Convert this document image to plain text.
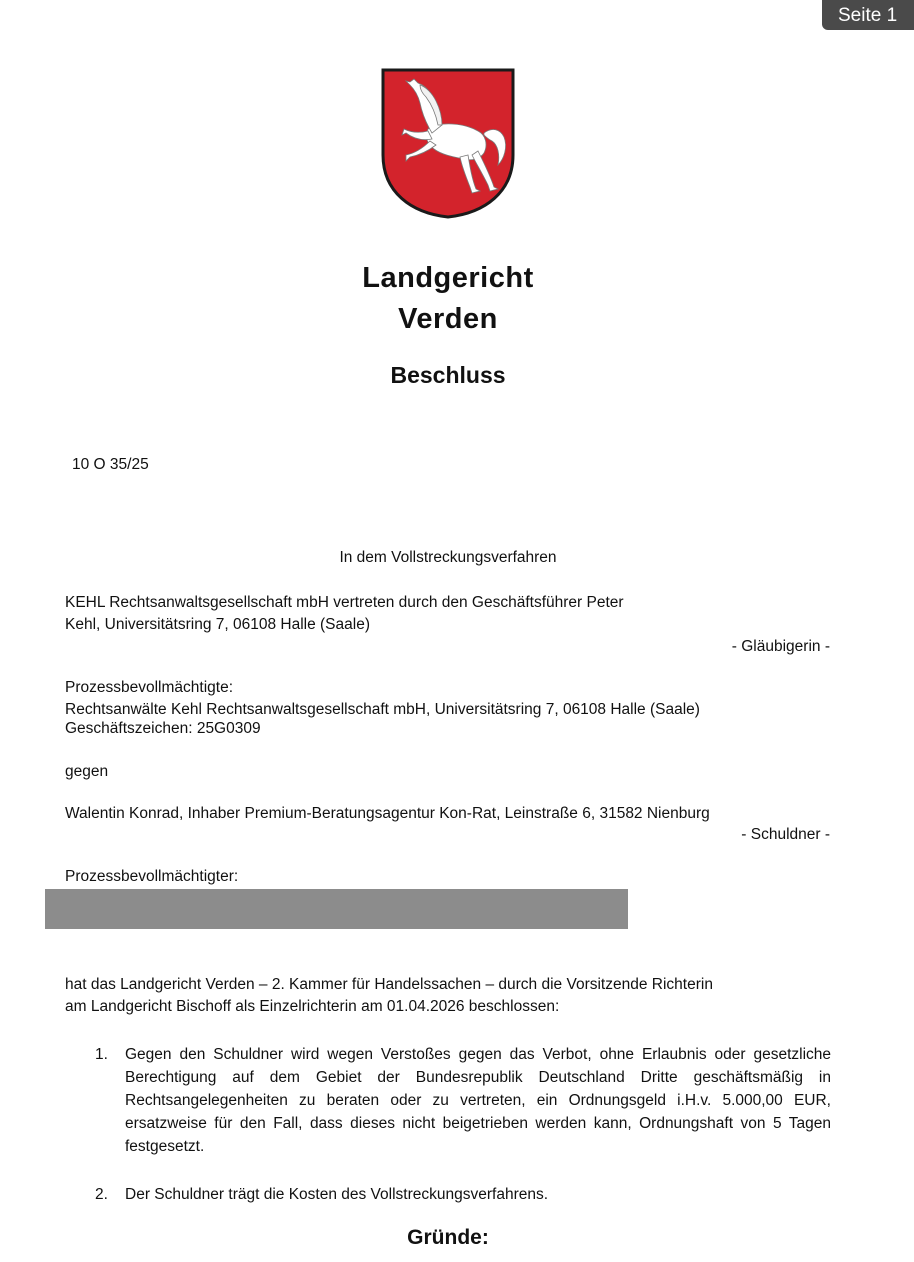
Seite 1
Landgericht
Verden
Beschluss
10 O 35/25
In dem Vollstreckungsverfahren
KEHL Rechtsanwaltsgesellschaft mbH vertreten durch den Geschäftsführer Peter
Kehl, Universitätsring 7, 06108 Halle (Saale)
- Gläubigerin -
Prozessbevollmächtigte:
Rechtsanwälte Kehl Rechtsanwaltsgesellschaft mbH, Universitätsring 7, 06108 Halle (Saale)
Geschäftszeichen: 25G0309
gegen
Walentin Konrad, Inhaber Premium-Beratungsagentur Kon-Rat, Leinstraße 6, 31582 Nienburg
- Schuldner -
Prozessbevollmächtigter:
hat das Landgericht Verden – 2. Kammer für Handelssachen – durch die Vorsitzende Richterin
am Landgericht Bischoff als Einzelrichterin am 01.04.2026 beschlossen:
1. Gegen den Schuldner wird wegen Verstoßes gegen das Verbot, ohne Erlaubnis oder gesetzliche Berechtigung auf dem Gebiet der Bundesrepublik Deutschland Dritte geschäftsmäßig in Rechtsangelegenheiten zu beraten oder zu vertreten, ein Ordnungsgeld i.H.v. 5.000,00 EUR, ersatzweise für den Fall, dass dieses nicht beigetrieben werden kann, Ordnungshaft von 5 Tagen festgesetzt.
2. Der Schuldner trägt die Kosten des Vollstreckungsverfahrens.
Gründe:
